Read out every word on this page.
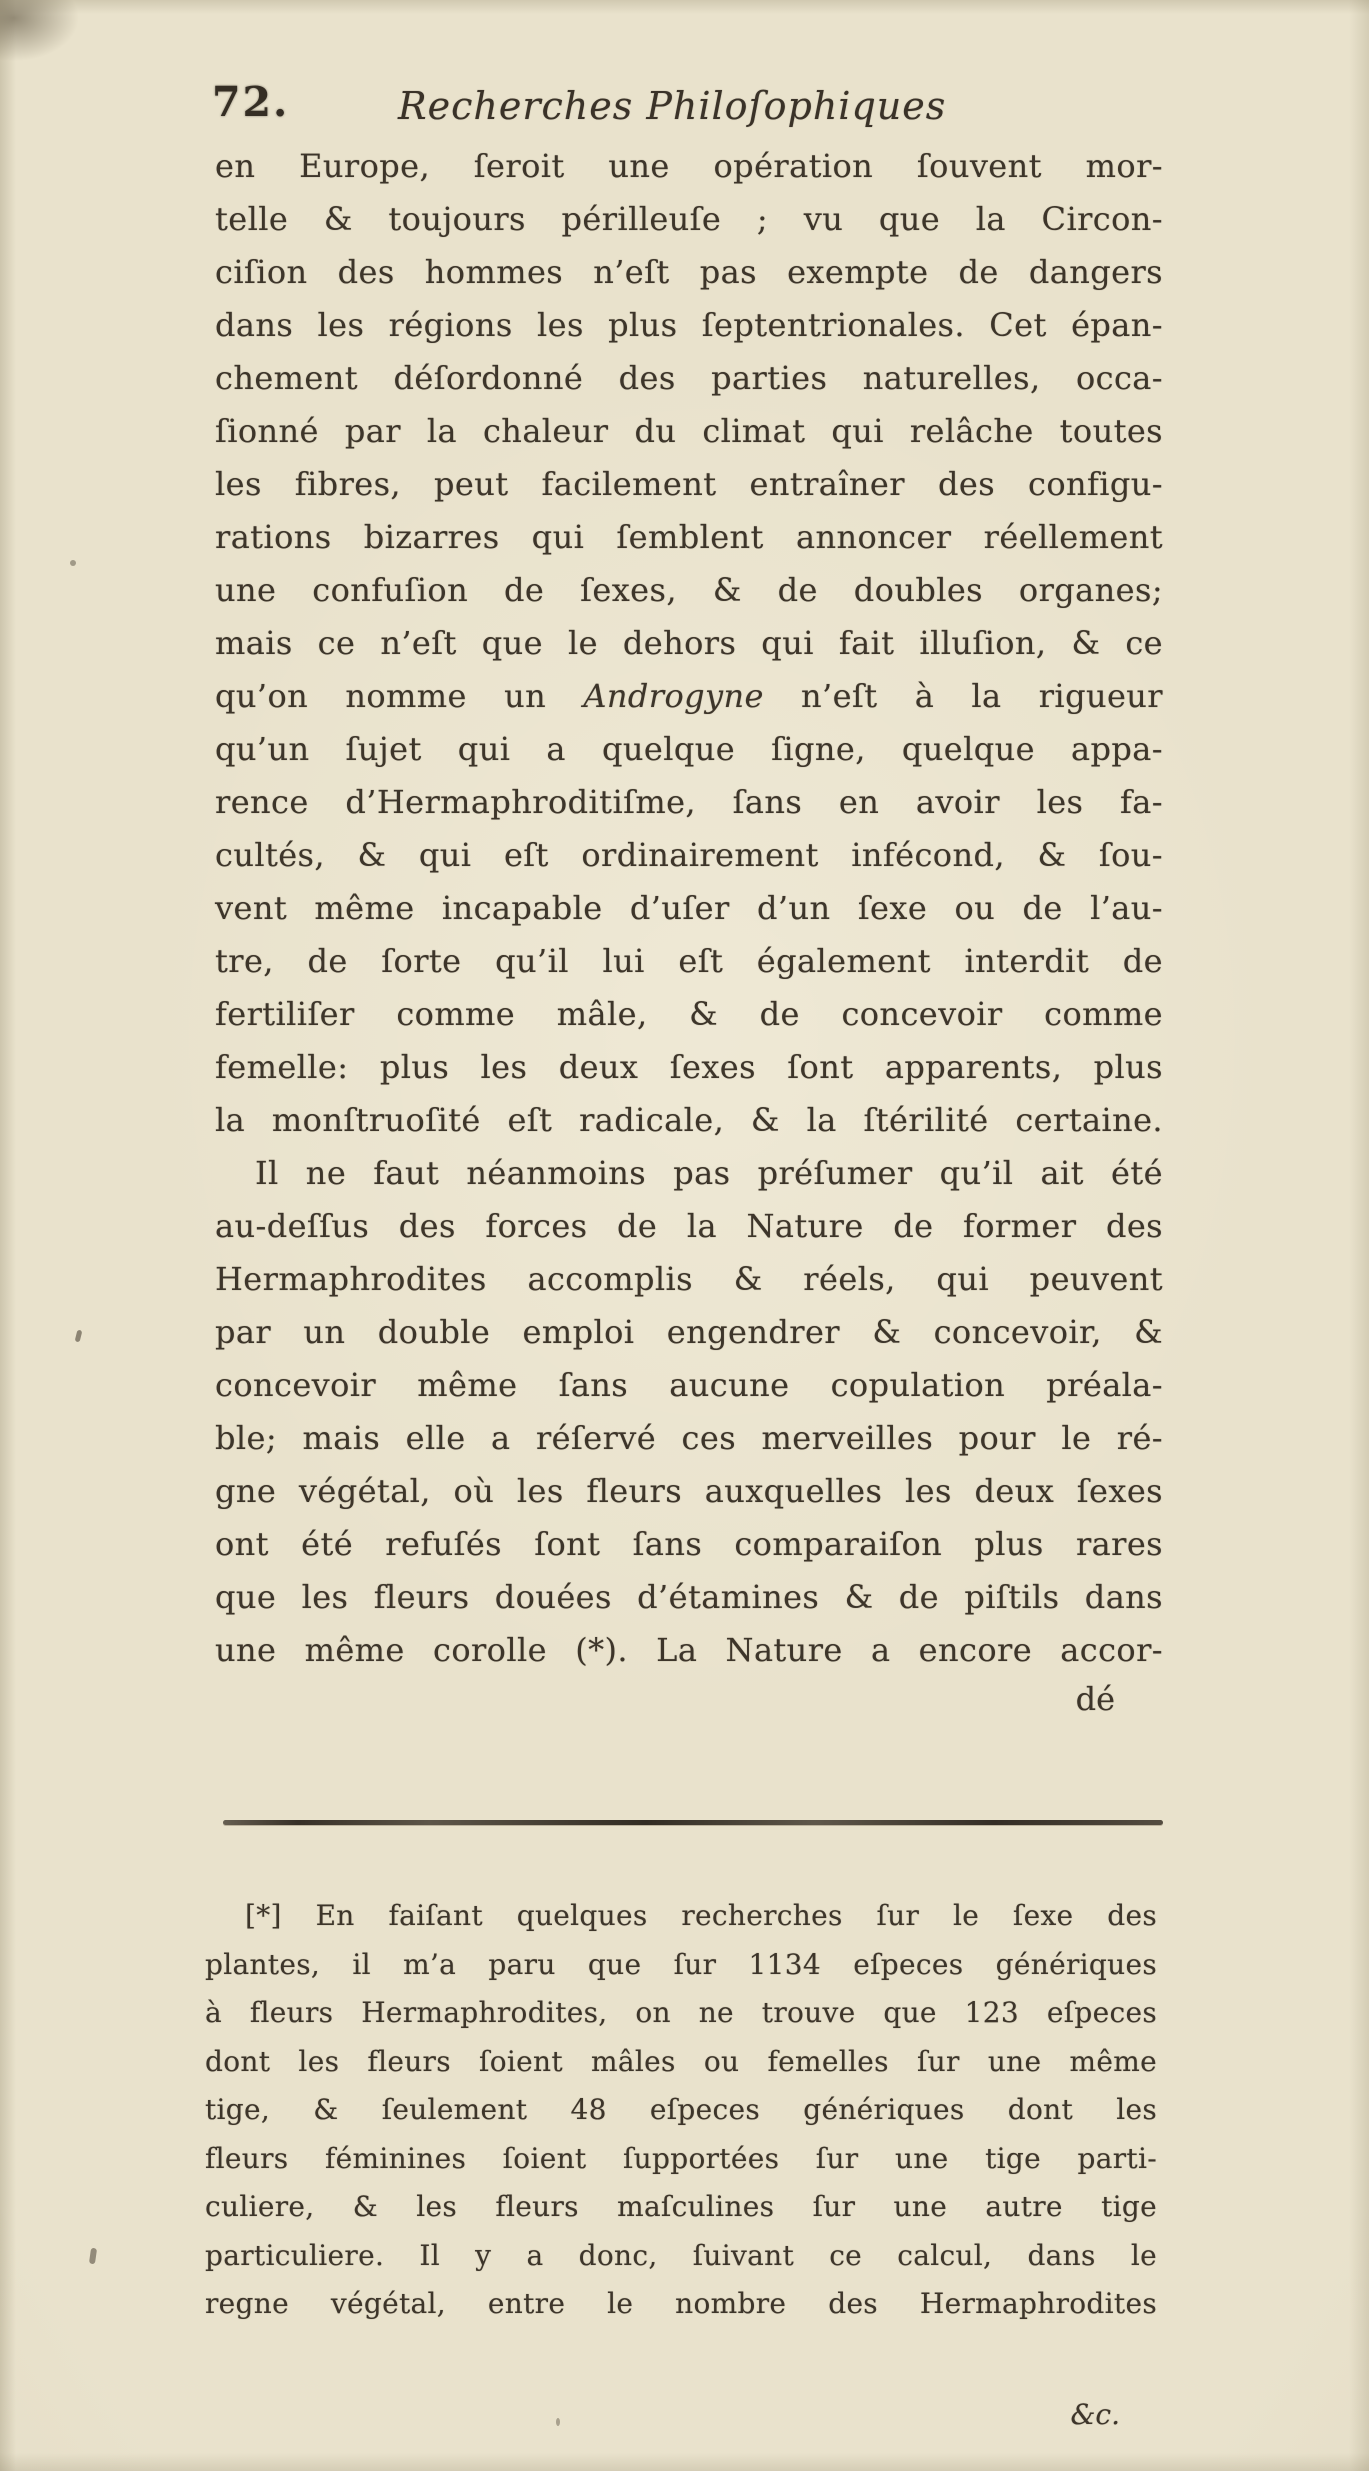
72.	Recherches Philoſophiques
en Europe, ſeroit une opération ſouvent mor-
telle & toujours périlleuſe ; vu que la Circon-
ciſion des hommes n’eſt pas exempte de dangers
dans les régions les plus ſeptentrionales. Cet épan-
chement déſordonné des parties naturelles, occa-
ſionné par la chaleur du climat qui relâche toutes
les fibres, peut facilement entraîner des configu-
rations bizarres qui ſemblent annoncer réellement
une confuſion de ſexes, & de doubles organes;
mais ce n’eſt que le dehors qui fait illuſion, & ce
qu’on nomme un Androgyne n’eſt à la rigueur
qu’un ſujet qui a quelque ſigne, quelque appa-
rence d’Hermaphroditiſme, ſans en avoir les fa-
cultés, & qui eſt ordinairement infécond, & ſou-
vent même incapable d’uſer d’un ſexe ou de l’au-
tre, de ſorte qu’il lui eſt également interdit de
fertiliſer comme mâle, & de concevoir comme
femelle: plus les deux ſexes ſont apparents, plus
la monſtruoſité eſt radicale, & la ſtérilité certaine.
Il ne faut néanmoins pas préſumer qu’il ait été
au-deſſus des forces de la Nature de former des
Hermaphrodites accomplis & réels, qui peuvent
par un double emploi engendrer & concevoir, &
concevoir même ſans aucune copulation préala-
ble; mais elle a réſervé ces merveilles pour le ré-
gne végétal, où les fleurs auxquelles les deux ſexes
ont été refuſés ſont ſans comparaiſon plus rares
que les fleurs douées d’étamines & de piſtils dans
une même corolle (*). La Nature a encore accor-
dé
[*] En faiſant quelques recherches ſur le ſexe des
plantes, il m’a paru que ſur 1134 eſpeces génériques
à fleurs Hermaphrodites, on ne trouve que 123 eſpeces
dont les fleurs ſoient mâles ou femelles ſur une même
tige, & ſeulement 48 eſpeces génériques dont les
fleurs féminines ſoient ſupportées ſur une tige parti-
culiere, & les fleurs maſculines ſur une autre tige
particuliere. Il y a donc, ſuivant ce calcul, dans le
regne végétal, entre le nombre des Hermaphrodites
&c.
